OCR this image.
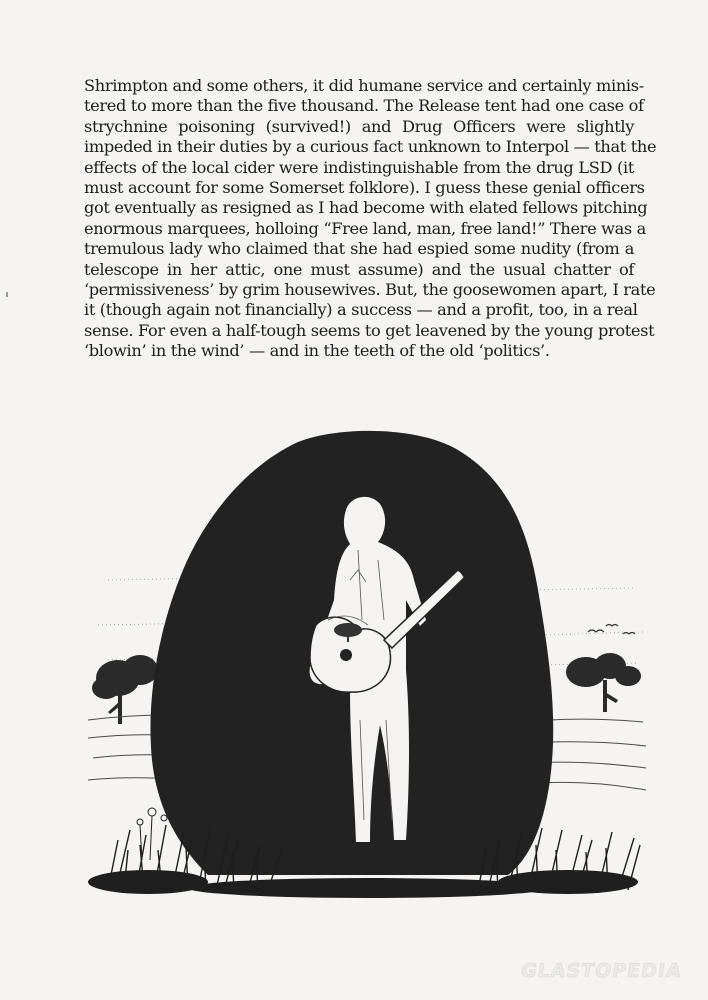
Shrimpton and some others, it did humane service and certainly minis-
tered to more than the five thousand. The Release tent had one case of
strychnine poisoning (survived!) and Drug Officers were slightly
impeded in their duties by a curious fact unknown to Interpol — that the
effects of the local cider were indistinguishable from the drug LSD (it
must account for some Somerset folklore). I guess these genial officers
got eventually as resigned as I had become with elated fellows pitching
enormous marquees, holloing “Free land, man, free land!” There was a
tremulous lady who claimed that she had espied some nudity (from a
telescope in her attic, one must assume) and the usual chatter of
‘permissiveness’ by grim housewives. But, the goosewomen apart, I rate
it (though again not financially) a success — and a profit, too, in a real
sense. For even a half-tough seems to get leavened by the young protest
‘blowin’ in the wind’ — and in the teeth of the old ‘politics’.
GLASTOPEDIA
